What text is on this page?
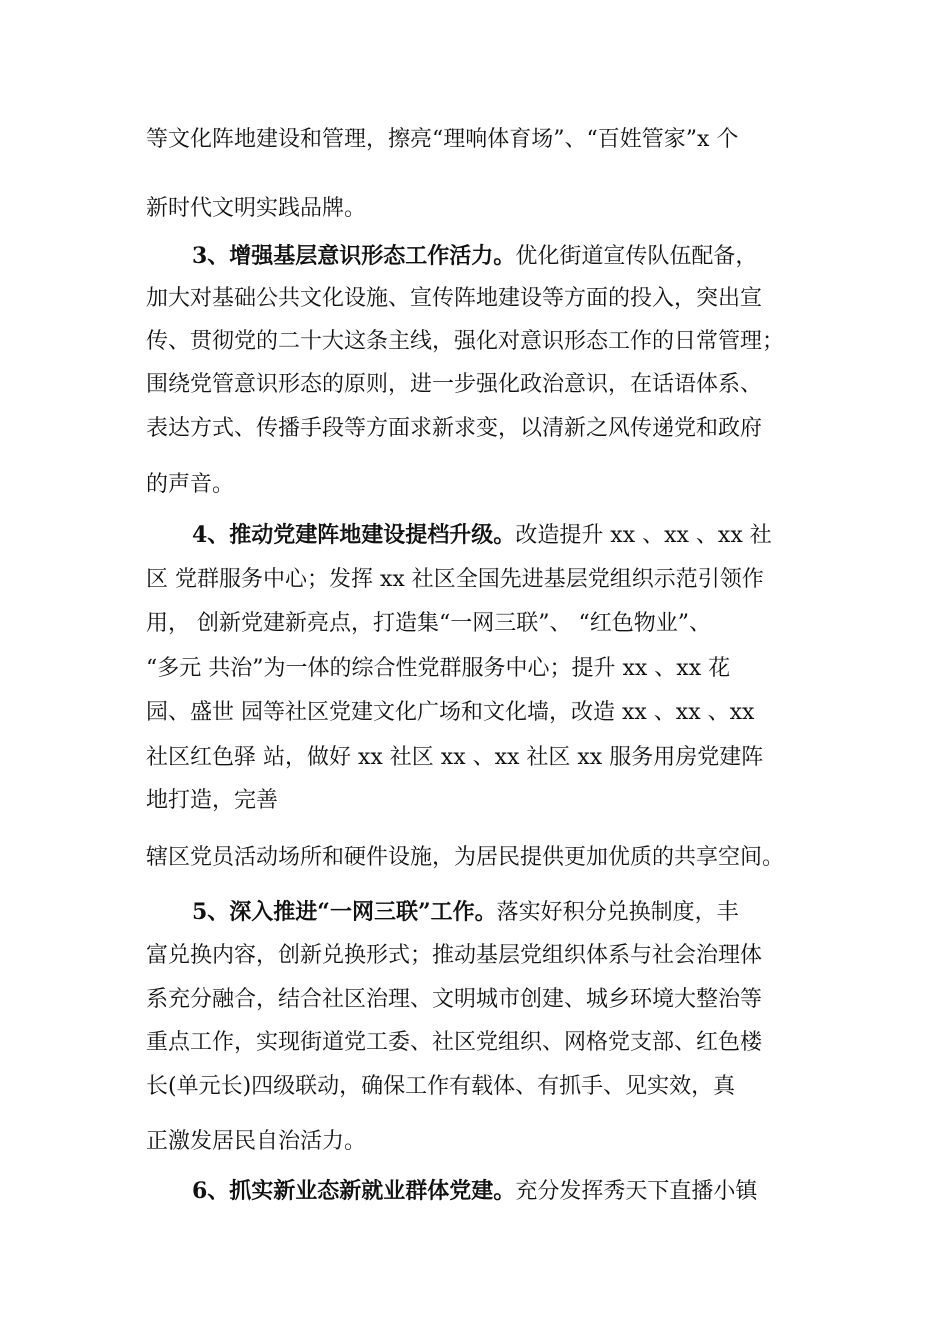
等文化阵地建设和管理，擦亮“理响体育场”、“百姓管家”x 个
新时代文明实践品牌。
3、增强基层意识形态工作活力。优化街道宣传队伍配备，
加大对基础公共文化设施、宣传阵地建设等方面的投入，突出宣
传、贯彻党的二十大这条主线，强化对意识形态工作的日常管理；
围绕党管意识形态的原则，进一步强化政治意识，在话语体系、
表达方式、传播手段等方面求新求变，以清新之风传递党和政府
的声音。
4、推动党建阵地建设提档升级。改造提升 xx 、xx 、xx 社
区 党群服务中心；发挥 xx 社区全国先进基层党组织示范引领作
用， 创新党建新亮点，打造集“一网三联”、 “红色物业”、
“多元 共治”为一体的综合性党群服务中心；提升 xx 、xx 花
园、盛世 园等社区党建文化广场和文化墙，改造 xx 、xx 、xx
社区红色驿 站，做好 xx 社区 xx 、xx 社区 xx 服务用房党建阵
地打造，完善
辖区党员活动场所和硬件设施，为居民提供更加优质的共享空间。
5、深入推进“一网三联”工作。落实好积分兑换制度，丰
富兑换内容，创新兑换形式；推动基层党组织体系与社会治理体
系充分融合，结合社区治理、文明城市创建、城乡环境大整治等
重点工作，实现街道党工委、社区党组织、网格党支部、红色楼
长(单元长)四级联动，确保工作有载体、有抓手、见实效，真
正激发居民自治活力。
6、抓实新业态新就业群体党建。充分发挥秀天下直播小镇
